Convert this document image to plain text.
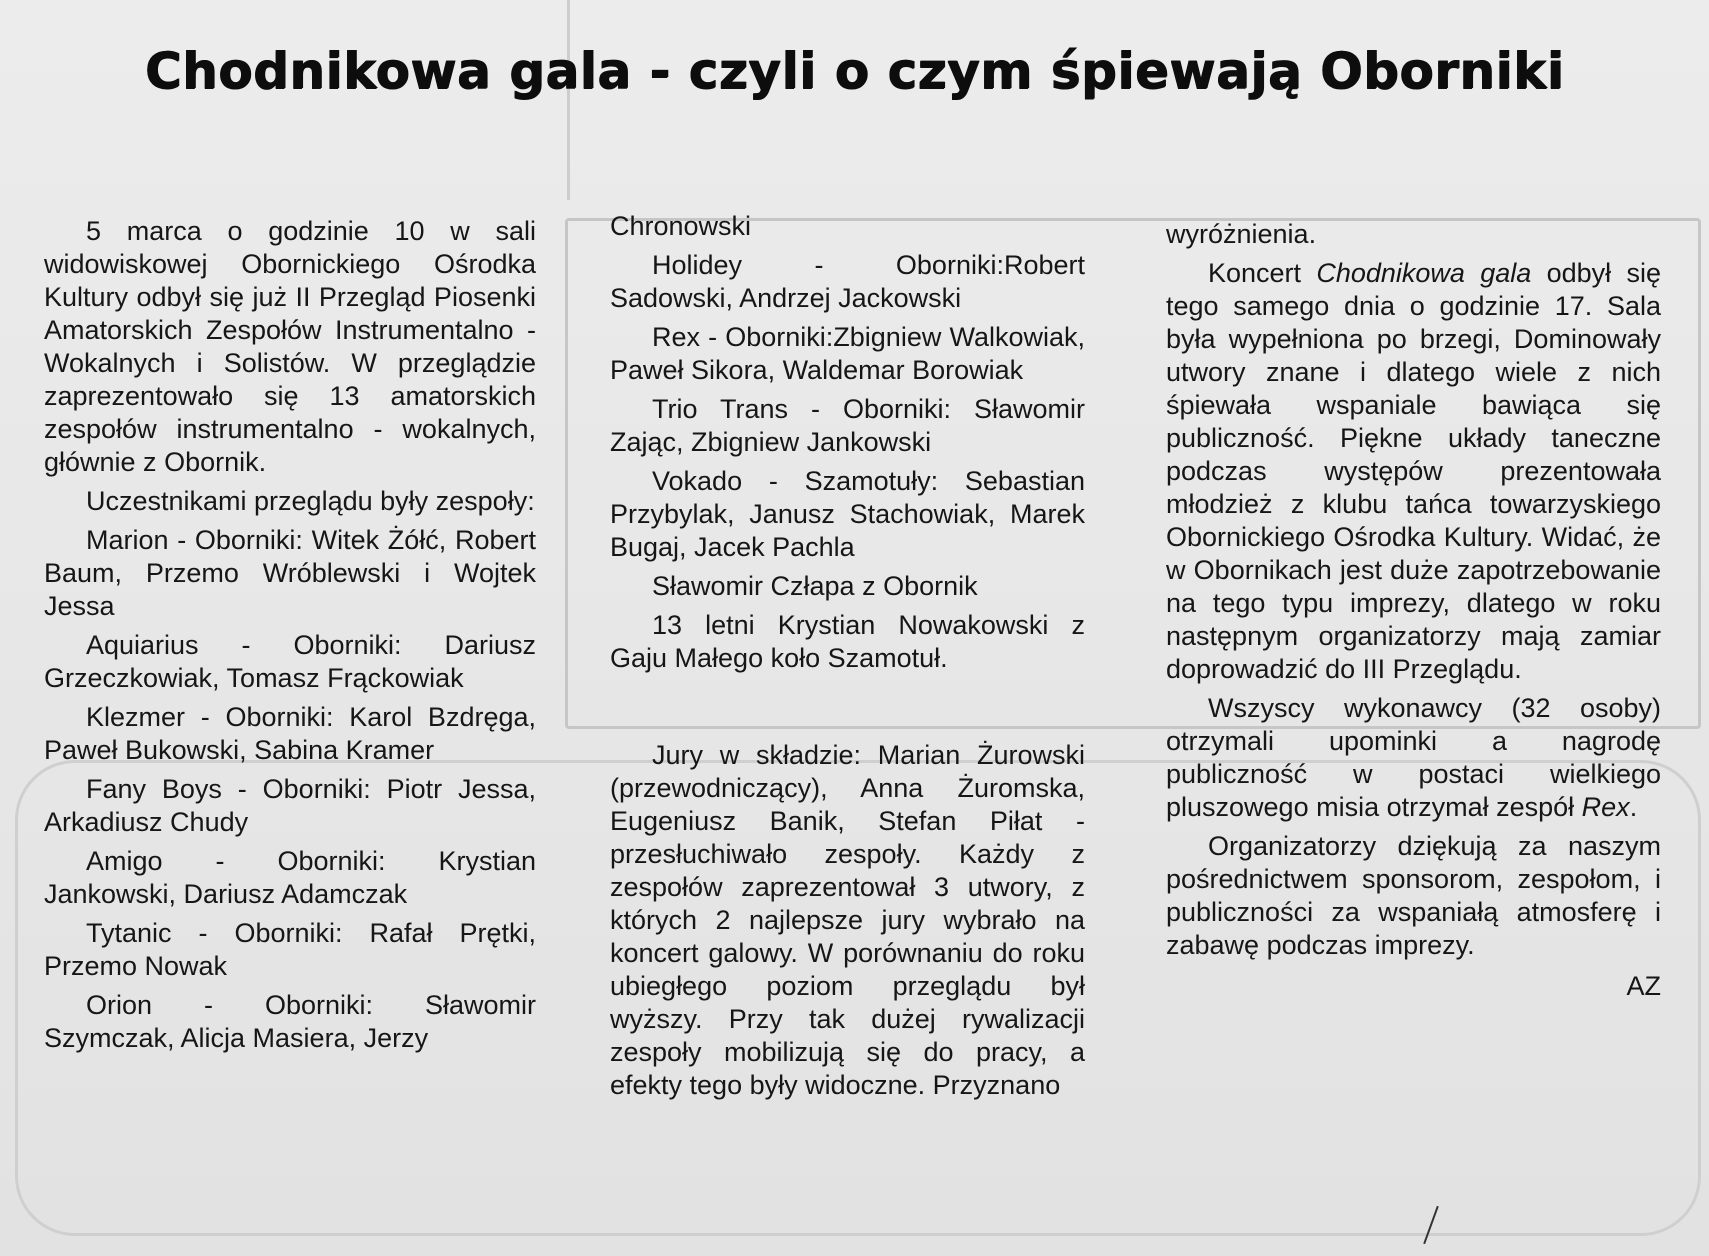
Chodnikowa gala - czyli o czym śpiewają Oborniki

5 marca o godzinie 10 w sali widowiskowej Obornickiego Ośrodka Kultury odbył się już II Przegląd Piosenki Amatorskich Zespołów Instrumentalno - Wokalnych i Solistów. W przeglądzie zaprezentowało się 13 amatorskich zespołów instrumentalno - wokalnych, głównie z Obornik.

Uczestnikami przeglądu były zespoły:

Marion - Oborniki: Witek Żółć, Robert Baum, Przemo Wróblewski i Wojtek Jessa

Aquiarius - Oborniki: Dariusz Grzeczkowiak, Tomasz Frąckowiak

Klezmer - Oborniki: Karol Bzdręga, Paweł Bukowski, Sabina Kramer

Fany Boys - Oborniki: Piotr Jessa, Arkadiusz Chudy

Amigo - Oborniki: Krystian Jankowski, Dariusz Adamczak

Tytanic - Oborniki: Rafał Prętki, Przemo Nowak

Orion - Oborniki: Sławomir Szymczak, Alicja Masiera, Jerzy

Chronowski

Holidey - Oborniki:Robert Sadowski, Andrzej Jackowski

Rex - Oborniki:Zbigniew Walkowiak, Paweł Sikora, Waldemar Borowiak

Trio Trans - Oborniki: Sławomir Zając, Zbigniew Jankowski

Vokado - Szamotuły: Sebastian Przybylak, Janusz Stachowiak, Marek Bugaj, Jacek Pachla

Sławomir Człapa z Obornik

13 letni Krystian Nowakowski z Gaju Małego koło Szamotuł.

Jury w składzie: Marian Żurowski (przewodniczący), Anna Żuromska, Eugeniusz Banik, Stefan Piłat - przesłuchiwało zespoły. Każdy z zespołów zaprezentował 3 utwory, z których 2 najlepsze jury wybrało na koncert galowy. W porównaniu do roku ubiegłego poziom przeglądu był wyższy. Przy tak dużej rywalizacji zespoły mobilizują się do pracy, a efekty tego były widoczne. Przyznano

wyróżnienia.

Koncert Chodnikowa gala odbył się tego samego dnia o godzinie 17. Sala była wypełniona po brzegi, Dominowały utwory znane i dlatego wiele z nich śpiewała wspaniale bawiąca się publiczność. Piękne układy taneczne podczas występów prezentowała młodzież z klubu tańca towarzyskiego Obornickiego Ośrodka Kultury. Widać, że w Obornikach jest duże zapotrzebowanie na tego typu imprezy, dlatego w roku następnym organizatorzy mają zamiar doprowadzić do III Przeglądu.

Wszyscy wykonawcy (32 osoby) otrzymali upominki a nagrodę publiczność w postaci wielkiego pluszowego misia otrzymał zespół Rex.

Organizatorzy dziękują za naszym pośrednictwem sponsorom, zespołom, i publiczności za wspaniałą atmosferę i zabawę podczas imprezy.

AZ
